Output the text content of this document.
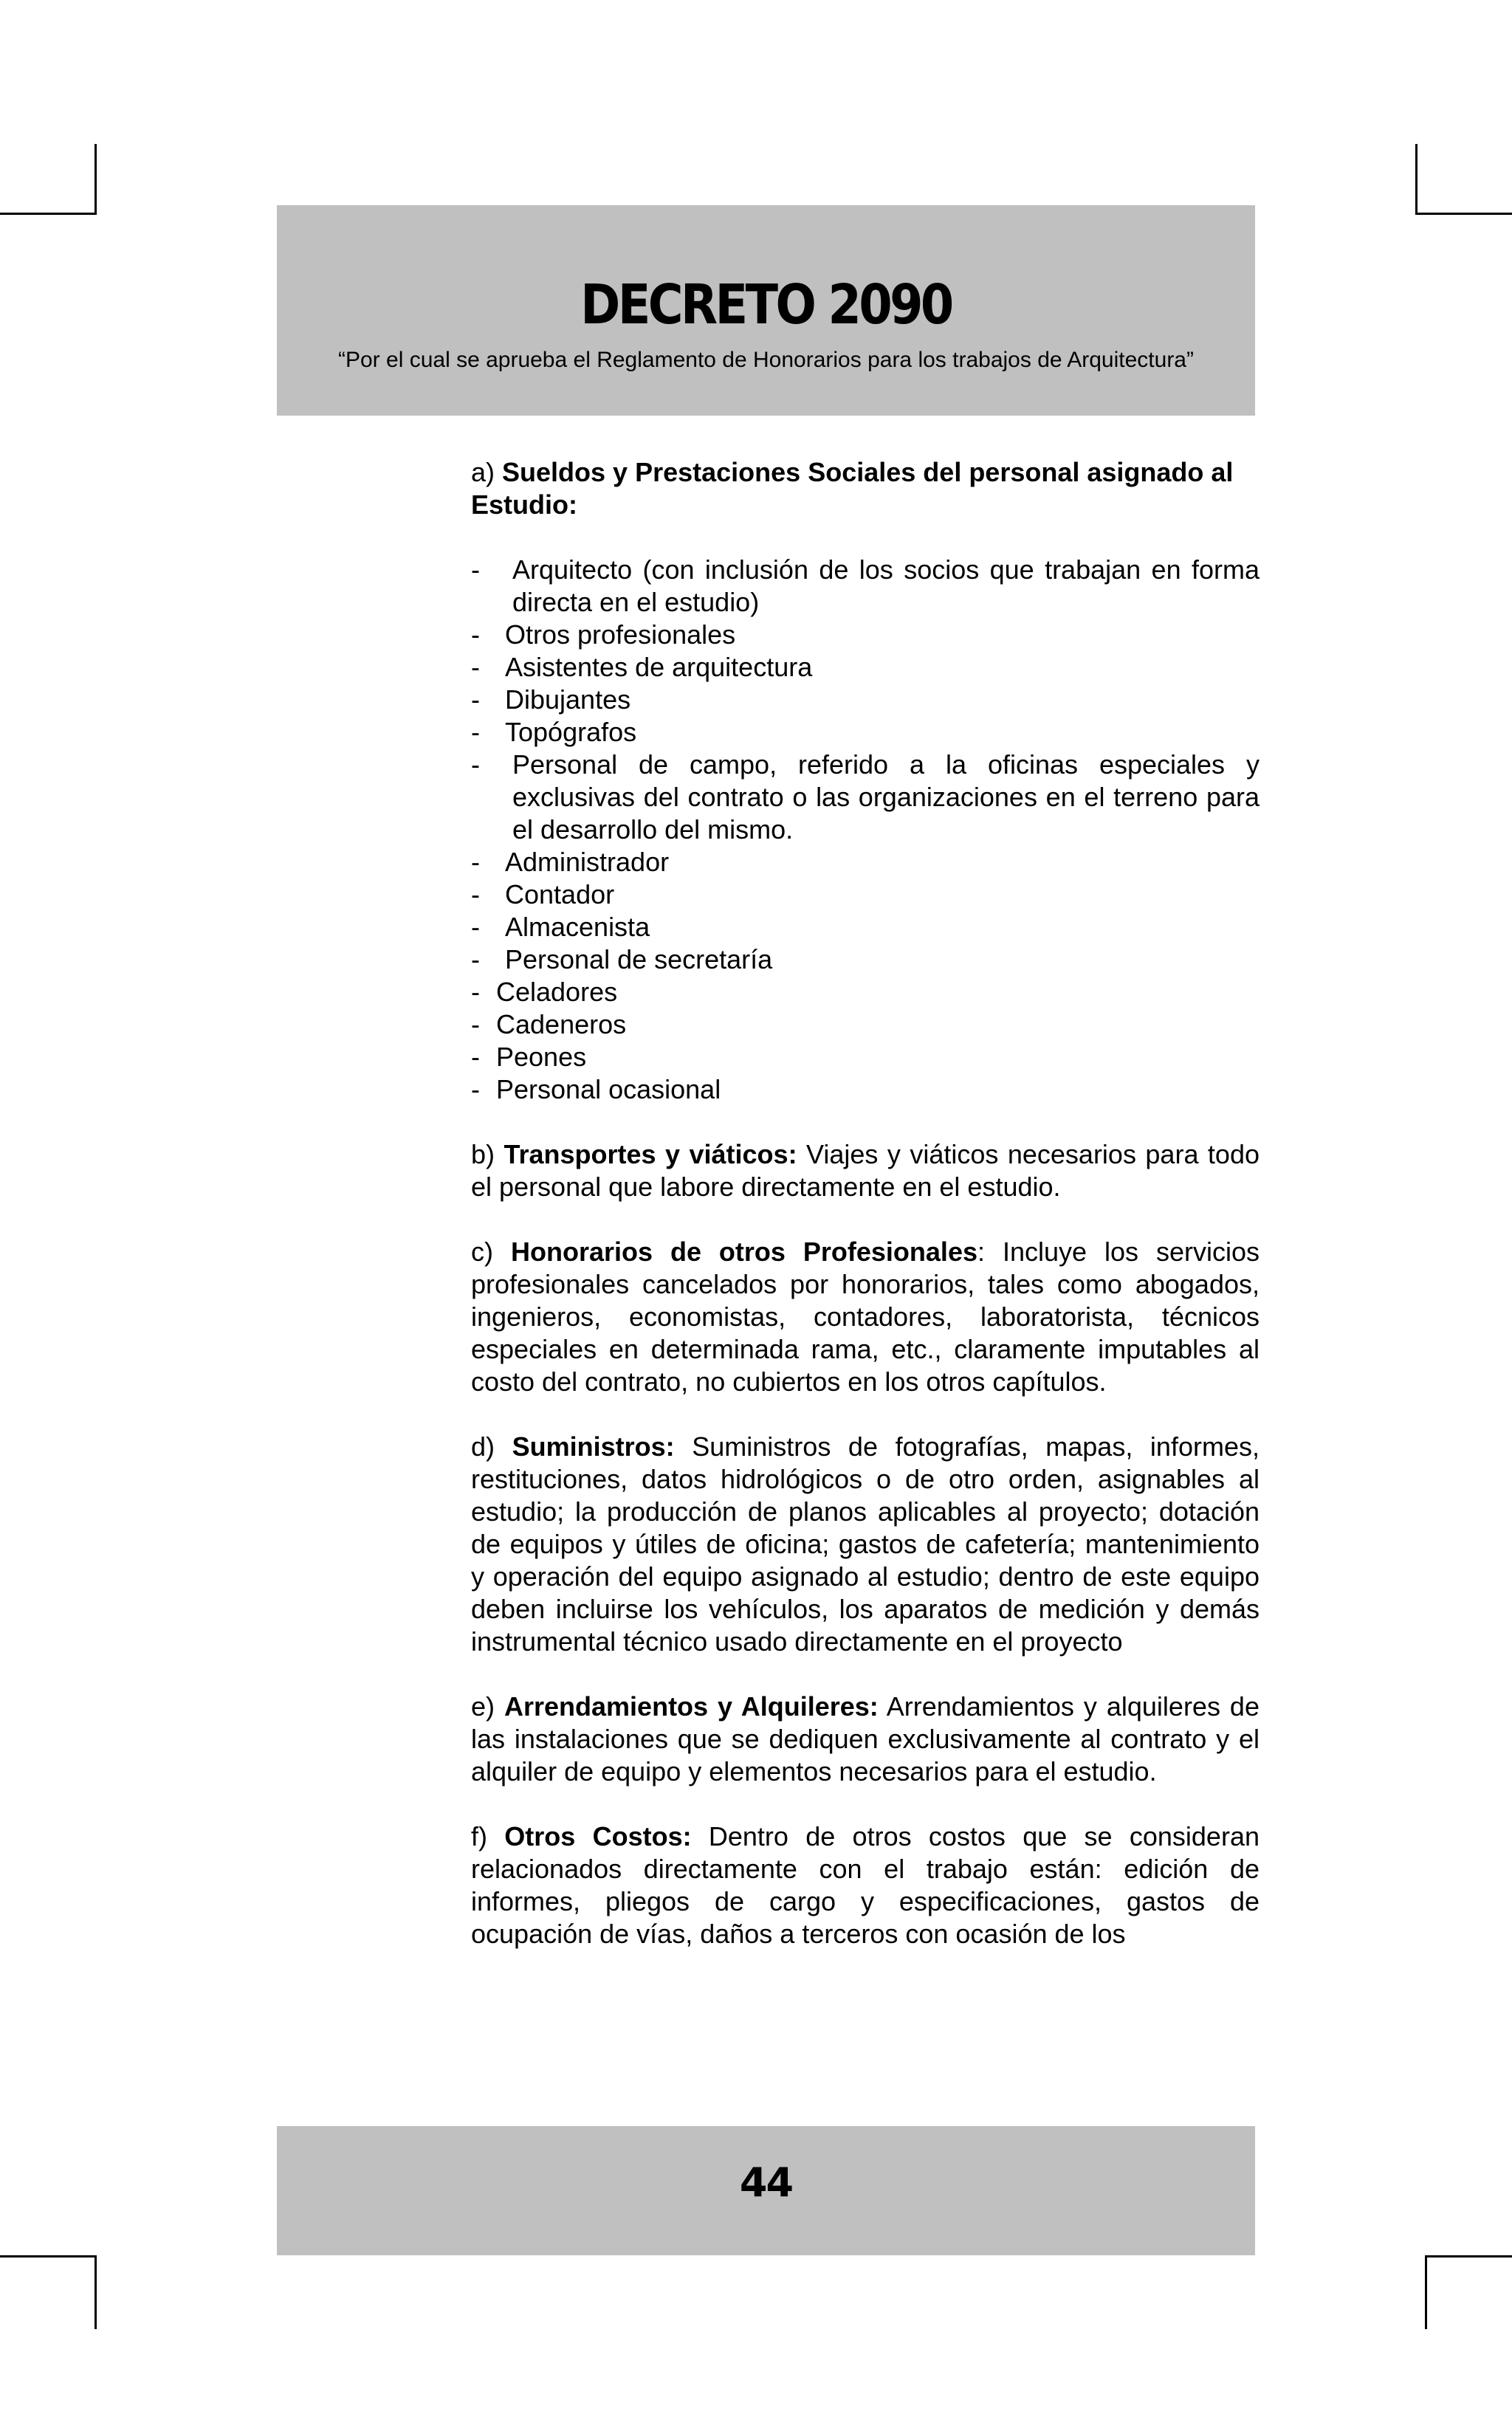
DECRETO 2090
“Por el cual se aprueba el Reglamento de Honorarios para los trabajos de Arquitectura”

a) Sueldos y Prestaciones Sociales del personal asignado al Estudio:

- Arquitecto (con inclusión de los socios que trabajan en forma directa en el estudio)
- Otros profesionales
- Asistentes de arquitectura
- Dibujantes
- Topógrafos
- Personal de campo, referido a la oficinas especiales y exclusivas del contrato o las organizaciones en el terreno para el desarrollo del mismo.
- Administrador
- Contador
- Almacenista
- Personal de secretaría
- Celadores
- Cadeneros
- Peones
- Personal ocasional

b) Transportes y viáticos: Viajes y viáticos necesarios para todo el personal que labore directamente en el estudio.

c) Honorarios de otros Profesionales: Incluye los servicios profesionales cancelados por honorarios, tales como abogados, ingenieros, economistas, contadores, laboratorista, técnicos especiales en determinada rama, etc., claramente imputables al costo del contrato, no cubiertos en los otros capítulos.

d) Suministros: Suministros de fotografías, mapas, informes, restituciones, datos hidrológicos o de otro orden, asignables al estudio; la producción de planos aplicables al proyecto; dotación de equipos y útiles de oficina; gastos de cafetería; mantenimiento y operación del equipo asignado al estudio; dentro de este equipo deben incluirse los vehículos, los aparatos de medición y demás instrumental técnico usado directamente en el proyecto

e) Arrendamientos y Alquileres: Arrendamientos y alquileres de las instalaciones que se dediquen exclusivamente al contrato y el alquiler de equipo y elementos necesarios para el estudio.

f) Otros Costos: Dentro de otros costos que se consideran relacionados directamente con el trabajo están: edición de informes, pliegos de cargo y especificaciones, gastos de ocupación de vías, daños a terceros con ocasión de los

44
